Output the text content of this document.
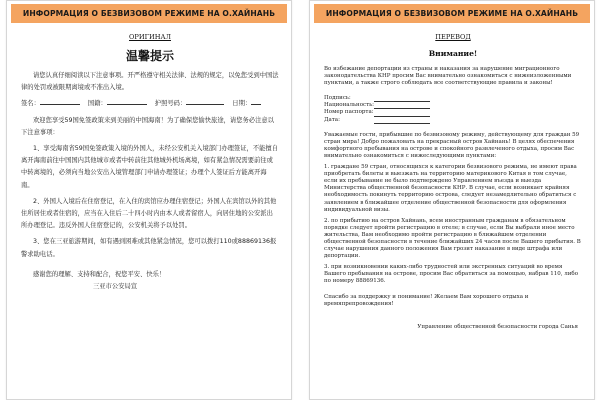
ИНФОРМАЦИЯ О БЕЗВИЗОВОМ РЕЖИМЕ НА О.ХАЙНАНЬ
ОРИГИНАЛ
温馨提示

请您认真仔细阅读以下注意事项。开严格遵守相关法律、法规的规定，以免您受到中国法律的处罚或被限期离境或不准出入境。

签名：	国籍：	护照号码：	日期：

欢迎您享受59国免签政策来到美丽的中国海南！为了确保您愉快旅途，请您务必注意以下注意事项：

1、享受海南省59国免签政策入境的外国人，未经公安机关入境部门办理签证，不能擅自离开海南前往中国国内其他城市或者中转前往其他城外机场离境，如有紧急情况需要前往或中转离境的，必须向当地公安出入境管理部门申请办理签证；办理个人签证后方能离开海南。

2、外国人入境后在住宿登记，在入住的宾馆应办理住宿登记；外国人在宾馆以外的其他住所居住或者住宿的，应当在入住后二十四小时内由本人或者留宿人，向居住地的公安派出所办理登记。违反外国人住宿登记的，公安机关将予以处罚。

3、您在三亚旅游期间，如有遇到困难或其他紧急情况，您可以拨打110或88869136报警求助电话。

感谢您的理解、支持和配合，祝您平安、快乐！

三亚市公安局宣

ИНФОРМАЦИЯ О БЕЗВИЗОВОМ РЕЖИМЕ НА О.ХАЙНАНЬ
ПЕРЕВОД
Внимание!

Во избежание депортации из страны и наказания за нарушение миграционного законодательства КНР просим Вас внимательно ознакомиться с нижеизложенными пунктами, а также строго соблюдать все соответствующие правила и законы!

Подпись:
Национальность:
Номер паспорта:
Дата:

Уважаемые гости, прибывшие по безвизовому режиму, действующему для граждан 59 стран мира! Добро пожаловать на прекрасный остров Хайнань! В целях обеспечения комфортного пребывания на острове и спокойного развлеченого отдыха, просим Вас внимательно ознакомиться с нижеследующими пунктами:

1. граждане 59 стран, относящихся к категории безвизового режима, не имеют права приобретать билеты и выезжать на территорию материкового Китая в том случае, если их пребывание не было подтверждено Управлением въезда и выезда Министерства общественной безопасности КНР. В случае, если возникает крайняя необходимость покинуть территорию острова, следует незамедлительно обратиться с заявлением в ближайшее отделение общественной безопасности для оформления индивидуальной визы.

2. по прибытию на остров Хайнань, всем иностранным гражданам в обязательном порядке следует пройти регистрацию в отеле; в случае, если Вы выбрали иное место жительства, Вам необходимо пройти регистрацию в ближайшем отделении общественной безопасности в течение ближайших 24 часов после Вашего прибытия. В случае нарушения данного положения Вам грозит наказание в виде штрафа или депортации.

3. при возникновении каких-либо трудностей или экстренных ситуаций во время Вашего пребывания на острове, просим Вас обратиться за помощью, набрав 110, либо по номеру 88869136.

Спасибо за поддержку и понимание! Желаем Вам хорошего отдыха и времяпрепровождения!

Управление общественной безопасности города Санья
